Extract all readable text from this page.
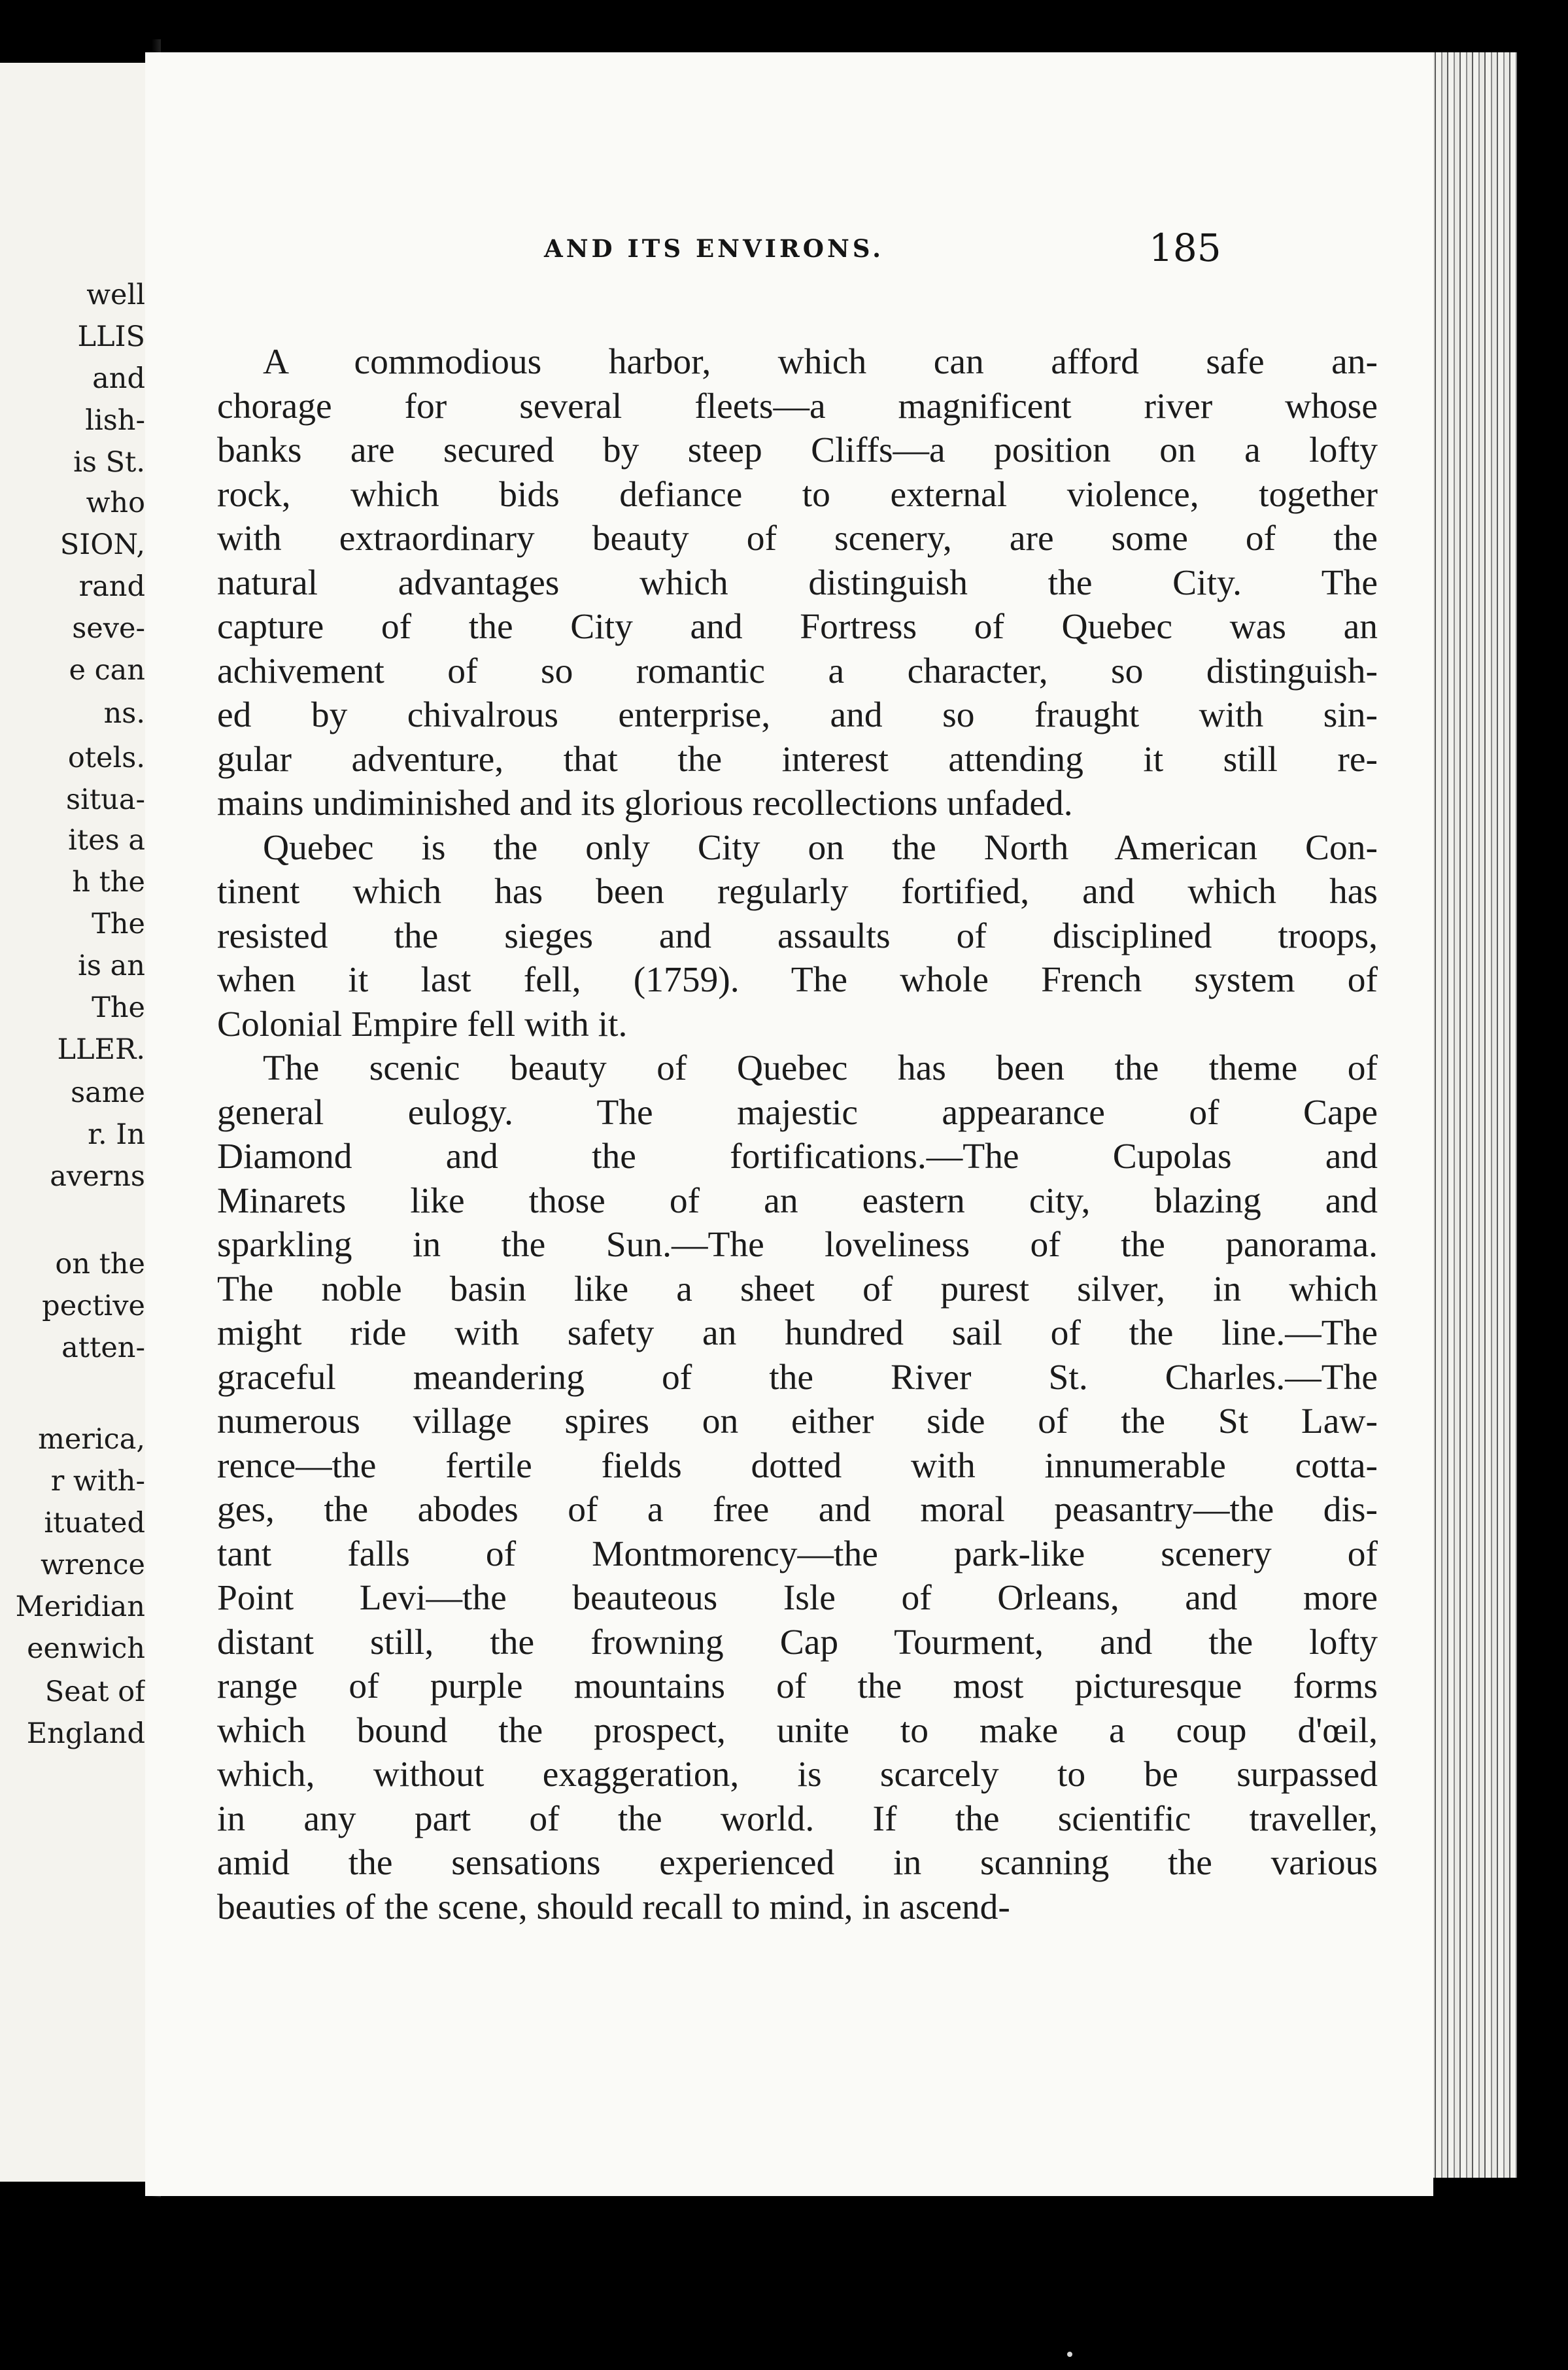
well
LLIS
and
lish-
is St.
who
SION,
rand
seve-
e can
ns.
otels.
situa-
ites a
h the
The
is an
The
LLER.
same
r. In
averns
on the
pective
atten-
merica,
r with-
ituated
wrence
Meridian
eenwich
Seat of
England
AND ITS ENVIRONS.	185
A commodious harbor, which can afford safe an-
chorage for several fleets—a magnificent river whose
banks are secured by steep Cliffs—a position on a lofty
rock, which bids defiance to external violence, together
with extraordinary beauty of scenery, are some of the
natural advantages which distinguish the City. The
capture of the City and Fortress of Quebec was an
achivement of so romantic a character, so distinguish-
ed by chivalrous enterprise, and so fraught with sin-
gular adventure, that the interest attending it still re-
mains undiminished and its glorious recollections unfaded.
Quebec is the only City on the North American Con-
tinent which has been regularly fortified, and which has
resisted the sieges and assaults of disciplined troops,
when it last fell, (1759). The whole French system of
Colonial Empire fell with it.
The scenic beauty of Quebec has been the theme of
general eulogy. The majestic appearance of Cape
Diamond and the fortifications.—The Cupolas and
Minarets like those of an eastern city, blazing and
sparkling in the Sun.—The loveliness of the panorama.
The noble basin like a sheet of purest silver, in which
might ride with safety an hundred sail of the line.—The
graceful meandering of the River St. Charles.—The
numerous village spires on either side of the St Law-
rence—the fertile fields dotted with innumerable cotta-
ges, the abodes of a free and moral peasantry—the dis-
tant falls of Montmorency—the park-like scenery of
Point Levi—the beauteous Isle of Orleans, and more
distant still, the frowning Cap Tourment, and the lofty
range of purple mountains of the most picturesque forms
which bound the prospect, unite to make a coup d'œil,
which, without exaggeration, is scarcely to be surpassed
in any part of the world. If the scientific traveller,
amid the sensations experienced in scanning the various
beauties of the scene, should recall to mind, in ascend-
